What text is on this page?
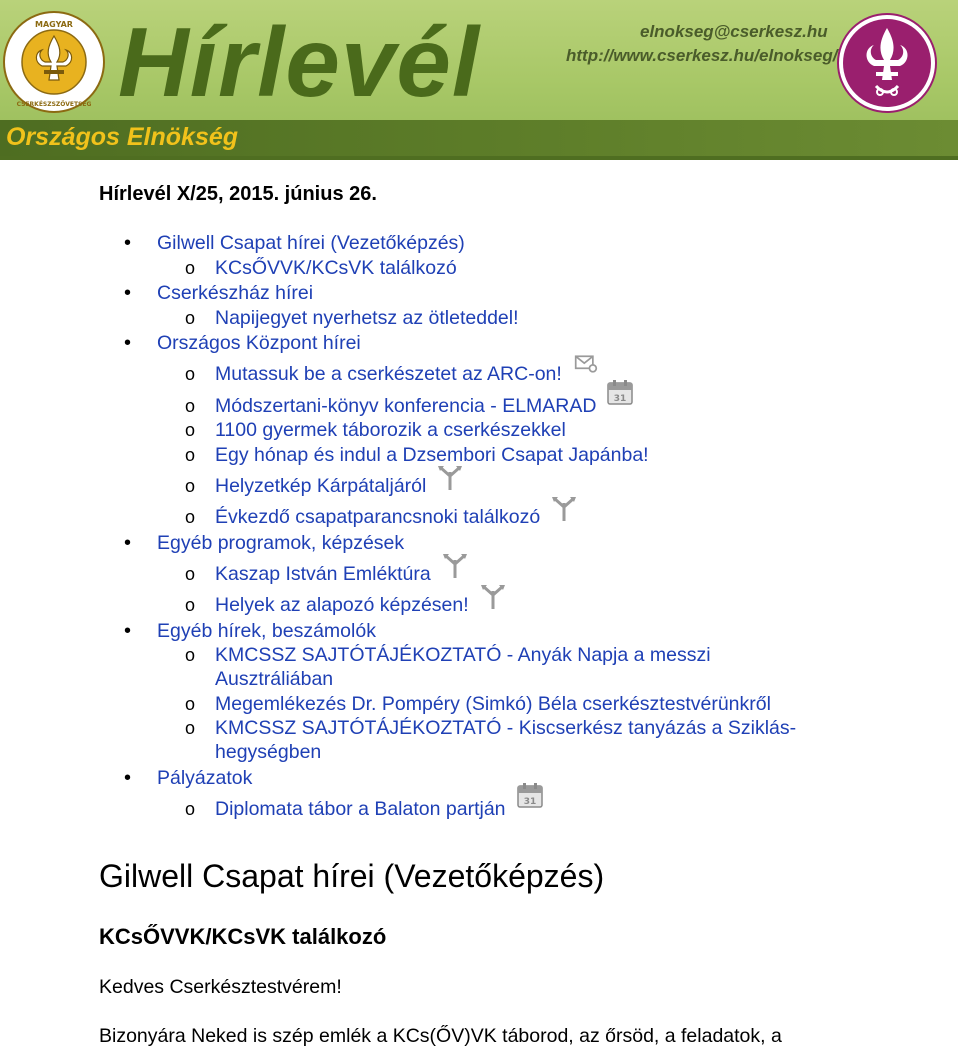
MAGYAR
CSERKÉSZSZÖVETSÉG Hírlevél	elnokseg@cserkesz.hu
http://www.cserkesz.hu/elnokseg/
Országos Elnökség
Hírlevél X/25, 2015. június 26.
• Gilwell Csapat hírei (Vezetőképzés)
o KCsŐVVK/KCsVK találkozó
• Cserkészház hírei
o Napijegyet nyerhetsz az ötleteddel!
• Országos Központ hírei
o Mutassuk be a cserkészetet az ARC-on!
o Módszertani-könyv konferencia - ELMARAD 31
o 1100 gyermek táborozik a cserkészekkel
o Egy hónap és indul a Dzsembori Csapat Japánba!
o Helyzetkép Kárpátaljáról
o Évkezdő csapatparancsnoki találkozó
• Egyéb programok, képzések
o Kaszap István Emléktúra
o Helyek az alapozó képzésen!
• Egyéb hírek, beszámolók
o KMCSSZ SAJTÓTÁJÉKOZTATÓ - Anyák Napja a messzi
Ausztráliában
o Megemlékezés Dr. Pompéry (Simkó) Béla cserkésztestvérünkről
o KMCSSZ SAJTÓTÁJÉKOZTATÓ - Kiscserkész tanyázás a Sziklás-
hegységben
• Pályázatok
o Diplomata tábor a Balaton partján 31
Gilwell Csapat hírei (Vezetőképzés)
KCsŐVVK/KCsVK találkozó

Kedves Cserkésztestvérem!

Bizonyára Neked is szép emlék a KCs(ŐV)VK táborod, az őrsöd, a feladatok, a
